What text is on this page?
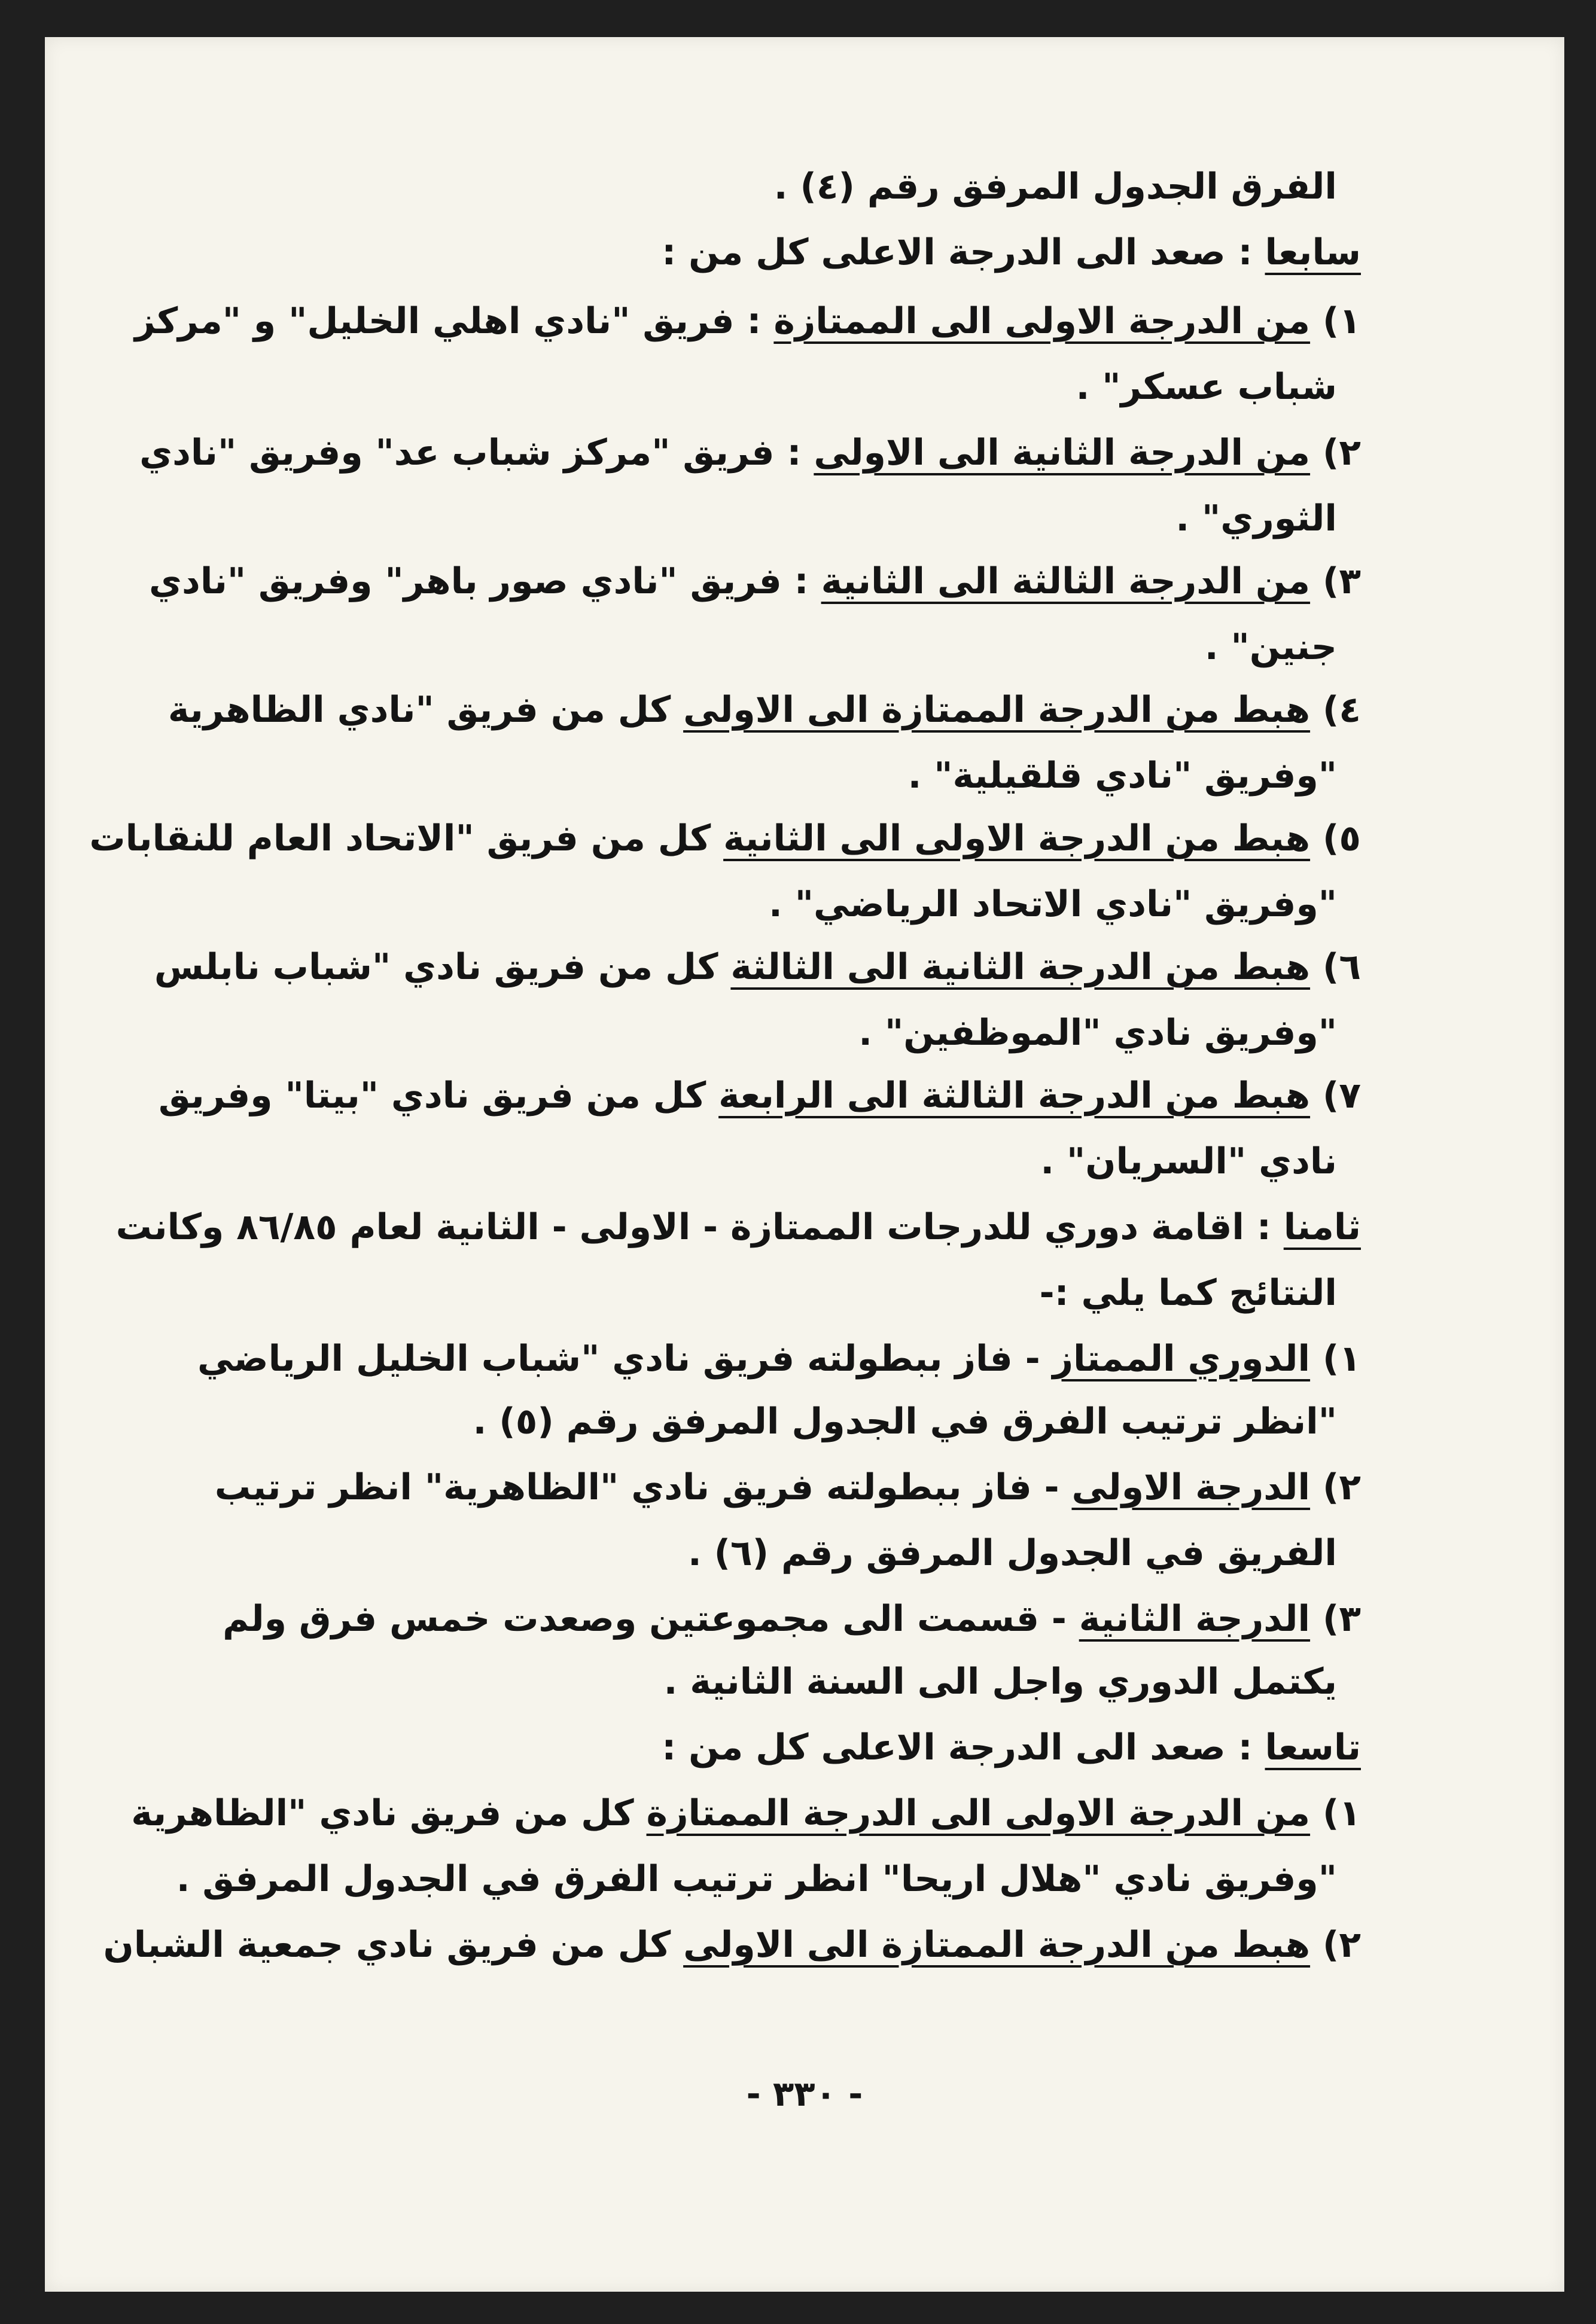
الفرق الجدول المرفق رقم (٤) .
سابعا : صعد الى الدرجة الاعلى كل من :
١) من الدرجة الاولى الى الممتازة : فريق "نادي اهلي الخليل" و "مركز
شباب عسكر" .
٢) من الدرجة الثانية الى الاولى : فريق "مركز شباب عد" وفريق "نادي
الثوري" .
٣) من الدرجة الثالثة الى الثانية : فريق "نادي صور باهر" وفريق "نادي
جنين" .
٤) هبط من الدرجة الممتازة الى الاولى كل من فريق "نادي الظاهرية
"وفريق "نادي قلقيلية" .
٥) هبط من الدرجة الاولى الى الثانية كل من فريق "الاتحاد العام للنقابات
"وفريق "نادي الاتحاد الرياضي" .
٦) هبط من الدرجة الثانية الى الثالثة كل من فريق نادي "شباب نابلس
"وفريق نادي "الموظفين" .
٧) هبط من الدرجة الثالثة الى الرابعة كل من فريق نادي "بيتا" وفريق
نادي "السريان" .
ثامنا : اقامة دوري للدرجات الممتازة - الاولى - الثانية لعام ٨٦/٨٥ وكانت
النتائج كما يلي :-
١) الدوري الممتاز - فاز ببطولته فريق نادي "شباب الخليل الرياضي
"انظر ترتيب الفرق في الجدول المرفق رقم (٥) .
٢) الدرجة الاولى - فاز ببطولته فريق نادي "الظاهرية" انظر ترتيب
الفريق في الجدول المرفق رقم (٦) .
٣) الدرجة الثانية - قسمت الى مجموعتين وصعدت خمس فرق ولم
يكتمل الدوري واجل الى السنة الثانية .
تاسعا : صعد الى الدرجة الاعلى كل من :
١) من الدرجة الاولى الى الدرجة الممتازة كل من فريق نادي "الظاهرية
"وفريق نادي "هلال اريحا" انظر ترتيب الفرق في الجدول المرفق .
٢) هبط من الدرجة الممتازة الى الاولى كل من فريق نادي جمعية الشبان
- ٣٣٠ -
